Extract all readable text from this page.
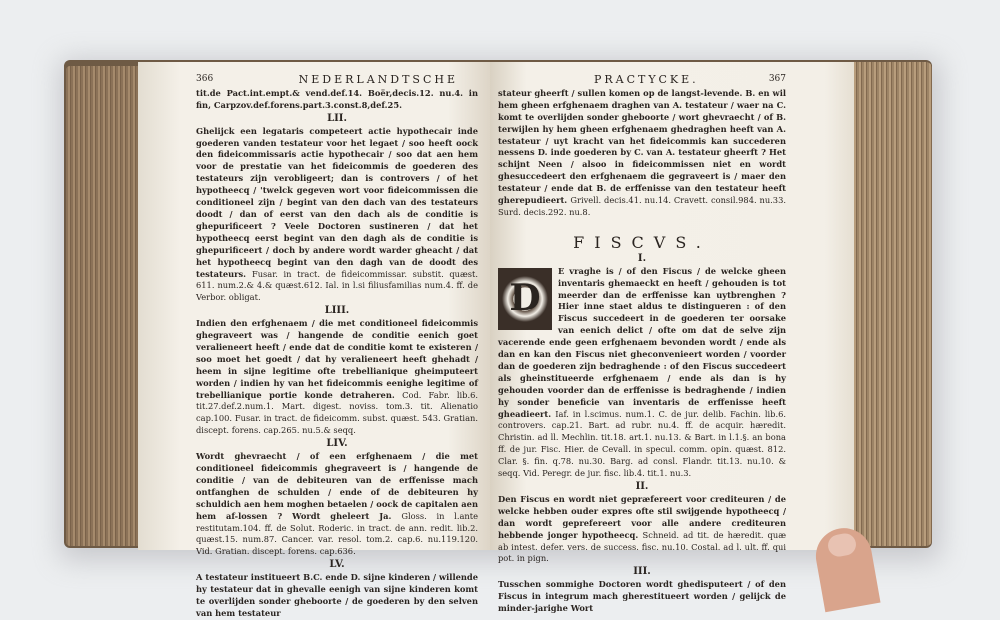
366	NEDERLANDTSCHE
tit.de Pact.int.empt.& vend.def.14. Boër,decis.12. nu.4. in fin, Carpzov.def.forens.part.3.const.8,def.25.
LII.
Ghelijck een legataris competeert actie hypothecair inde goederen vanden testateur voor het legaet / soo heeft oock den fideicommissaris actie hypothecair / soo dat aen hem voor de prestatie van het fideicommis de goederen des testateurs zijn verobligeert; dan is controvers / of het hypotheecq / 'twelck gegeven wort voor fideicommissen die conditioneel zijn / begint van den dach van des testateurs doodt / dan of eerst van den dach als de conditie is ghepurificeert ? Veele Doctoren sustineren / dat het hypotheecq eerst begint van den dagh als de conditie is ghepurificeert / doch by andere wordt warder gheacht / dat het hypotheecq begint van den dagh van de doodt des testateurs. Fusar. in tract. de fideicommissar. substit. quæst. 611. num.2.& 4.& quæst.612. Ial. in l.si filiusfamilias num.4. ff. de Verbor. obligat.
LIII.
Indien den erfghenaem / die met conditioneel fideicommis ghegraveert was / hangende de conditie eenich goet veralieneert heeft / ende dat de conditie komt te existeren / soo moet het goedt / dat hy veralieneert heeft ghehadt / heem in sijne legitime ofte trebellianique gheimputeert worden / indien hy van het fideicommis eenighe legitime of trebellianique portie konde detraheren. Cod. Fabr. lib.6. tit.27.def.2.num.1. Mart. digest. noviss. tom.3. tit. Alienatio cap.100. Fusar. in tract. de fideicomm. subst. quæst. 543. Gratian. discept. forens. cap.265. nu.5.& seqq.
LIV.
Wordt ghevraecht / of een erfghenaem / die met conditioneel fideicommis ghegraveert is / hangende de conditie / van de debiteuren van de erffenisse mach ontfanghen de schulden / ende of de debiteuren hy schuldich aen hem moghen betaelen / oock de capitalen aen hem af-lossen ? Wordt gheleert Ja. Gloss. in l.ante restitutam.104. ff. de Solut. Roderic. in tract. de ann. redit. lib.2. quæst.15. num.87. Cancer. var. resol. tom.2. cap.6. nu.119.120. Vid. Gratian. discept. forens. cap.636.
LV.
A testateur institueert B.C. ende D. sijne kinderen / willende hy testateur dat in ghevalle eenigh van sijne kinderen komt te overlijden sonder gheboorte / de goederen by den selven van hem testateur
PRACTYCKE.	367
stateur gheerft / sullen komen op de langst-levende. B. en wil hem gheen erfghenaem draghen van A. testateur / waer na C. komt te overlijden sonder gheboorte / wort ghevraecht / of B. terwijlen hy hem gheen erfghenaem ghedraghen heeft van A. testateur / uyt kracht van het fideicommis kan succederen nessens D. inde goederen by C. van A. testateur gheerft ? Het schijnt Neen / alsoo in fideicommissen niet en wordt ghesuccedeert den erfghenaem die gegraveert is / maer den testateur / ende dat B. de erffenisse van den testateur heeft gherepudieert. Grivell. decis.41. nu.14. Cravett. consil.984. nu.33. Surd. decis.292. nu.8.
FISCVS.
I.
D
E vraghe is / of den Fiscus / de welcke gheen inventaris ghemaeckt en heeft / gehouden is tot meerder dan de erffenisse kan uytbrenghen ? Hier inne staet aldus te distingueren : of den Fiscus succedeert in de goederen ter oorsake van eenich delict / ofte om dat de selve zijn vacerende ende geen erfghenaem bevonden wordt / ende als dan en kan den Fiscus niet gheconvenieert worden / voorder dan de goederen zijn bedraghende : of den Fiscus succedeert als gheinstitueerde erfghenaem / ende als dan is hy gehouden voorder dan de erffenisse is bedraghende / indien hy sonder beneficie van inventaris de erffenisse heeft gheadieert. Iaf. in l.scimus. num.1. C. de jur. delib. Fachin. lib.6. controvers. cap.21. Bart. ad rubr. nu.4. ff. de acquir. hæredit. Christin. ad ll. Mechlin. tit.18. art.1. nu.13. & Bart. in l.1.§. an bona ff. de jur. Fisc. Hier. de Cevall. in specul. comm. opin. quæst. 812. Clar. §. fin. q.78. nu.30. Barg. ad consl. Flandr. tit.13. nu.10. & seqq. Vid. Peregr. de jur. fisc. lib.4. tit.1. nu.3.
II.
Den Fiscus en wordt niet gepræfereert voor crediteuren / de welcke hebben ouder expres ofte stil swijgende hypotheecq / dan wordt geprefereert voor alle andere crediteuren hebbende jonger hypotheecq. Schneid. ad tit. de hæredit. quæ ab intest. defer. vers. de success. fisc. nu.10. Costal. ad l. ult. ff. qui pot. in pign.
III.
Tusschen sommighe Doctoren wordt ghedisputeert / of den Fiscus in integrum mach gherestitueert worden / gelijck de minder-jarighe Wort
